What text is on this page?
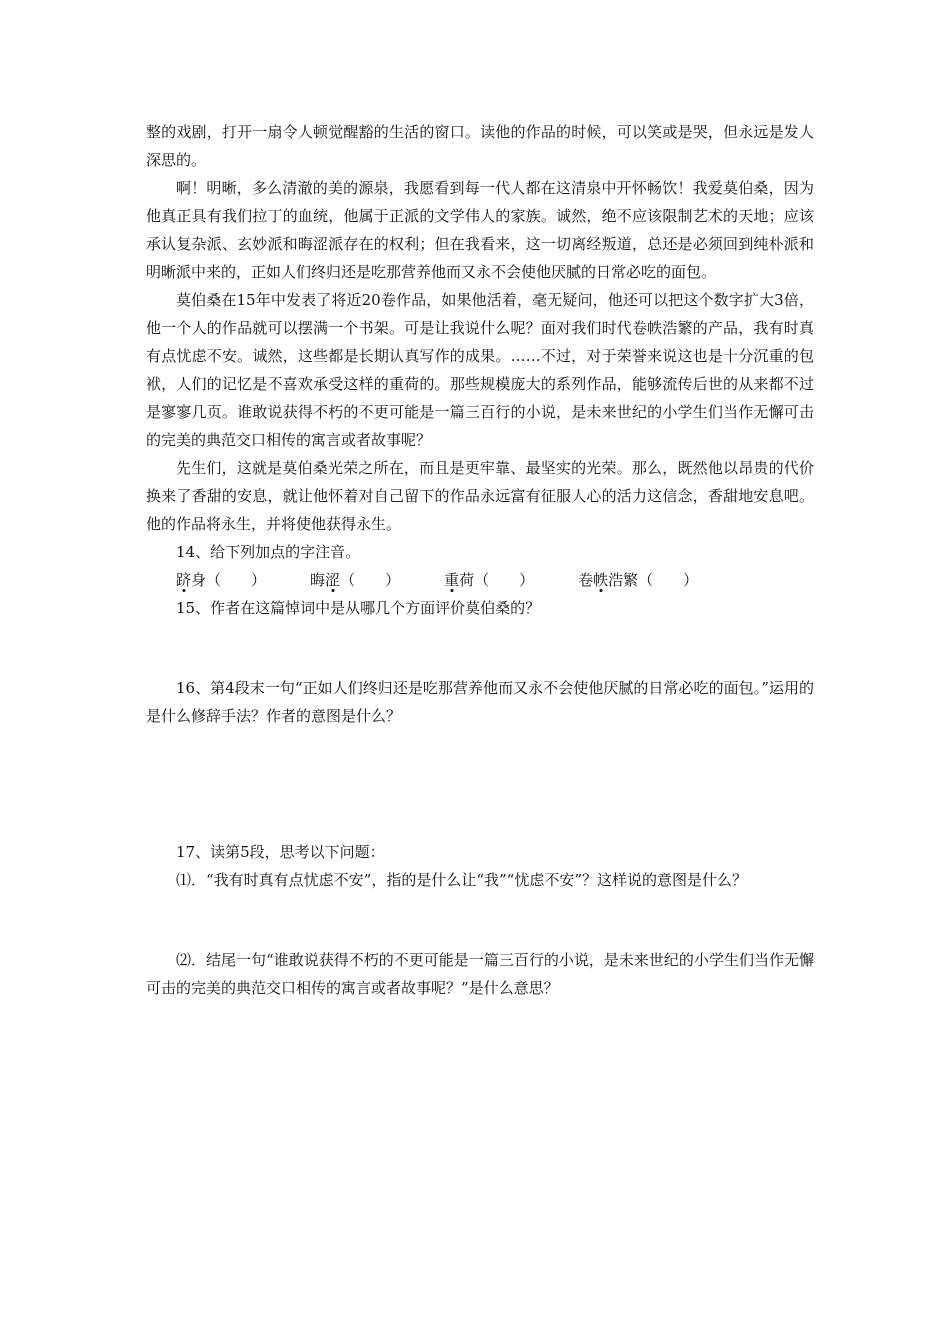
整的戏剧，打开一扇令人顿觉醒豁的生活的窗口。读他的作品的时候，可以笑或是哭，但永远是发人深思的。

啊！明晰，多么清澈的美的源泉，我愿看到每一代人都在这清泉中开怀畅饮！我爱莫伯桑，因为他真正具有我们拉丁的血统，他属于正派的文学伟人的家族。诚然，绝不应该限制艺术的天地；应该承认复杂派、玄妙派和晦涩派存在的权利；但在我看来，这一切离经叛道，总还是必须回到纯朴派和明晰派中来的，正如人们终归还是吃那营养他而又永不会使他厌腻的日常必吃的面包。

莫伯桑在15年中发表了将近20卷作品，如果他活着，毫无疑问，他还可以把这个数字扩大3倍，他一个人的作品就可以摆满一个书架。可是让我说什么呢？面对我们时代卷帙浩繁的产品，我有时真有点忧虑不安。诚然，这些都是长期认真写作的成果。……不过，对于荣誉来说这也是十分沉重的包袱，人们的记忆是不喜欢承受这样的重荷的。那些规模庞大的系列作品，能够流传后世的从来都不过是寥寥几页。谁敢说获得不朽的不更可能是一篇三百行的小说，是未来世纪的小学生们当作无懈可击的完美的典范交口相传的寓言或者故事呢？

先生们，这就是莫伯桑光荣之所在，而且是更牢靠、最坚实的光荣。那么，既然他以昂贵的代价换来了香甜的安息，就让他怀着对自己留下的作品永远富有征服人心的活力这信念，香甜地安息吧。他的作品将永生，并将使他获得永生。

14、给下列加点的字注音。

跻身（　　）	晦涩（　　）	重荷（　　）	卷帙浩繁（　　）

15、作者在这篇悼词中是从哪几个方面评价莫伯桑的？

16、第4段末一句“正如人们终归还是吃那营养他而又永不会使他厌腻的日常必吃的面包。”运用的是什么修辞手法？作者的意图是什么？

17、读第5段，思考以下问题：

⑴．“我有时真有点忧虑不安”，指的是什么让“我”“忧虑不安”？这样说的意图是什么？

⑵．结尾一句“谁敢说获得不朽的不更可能是一篇三百行的小说，是未来世纪的小学生们当作无懈可击的完美的典范交口相传的寓言或者故事呢？”是什么意思？
